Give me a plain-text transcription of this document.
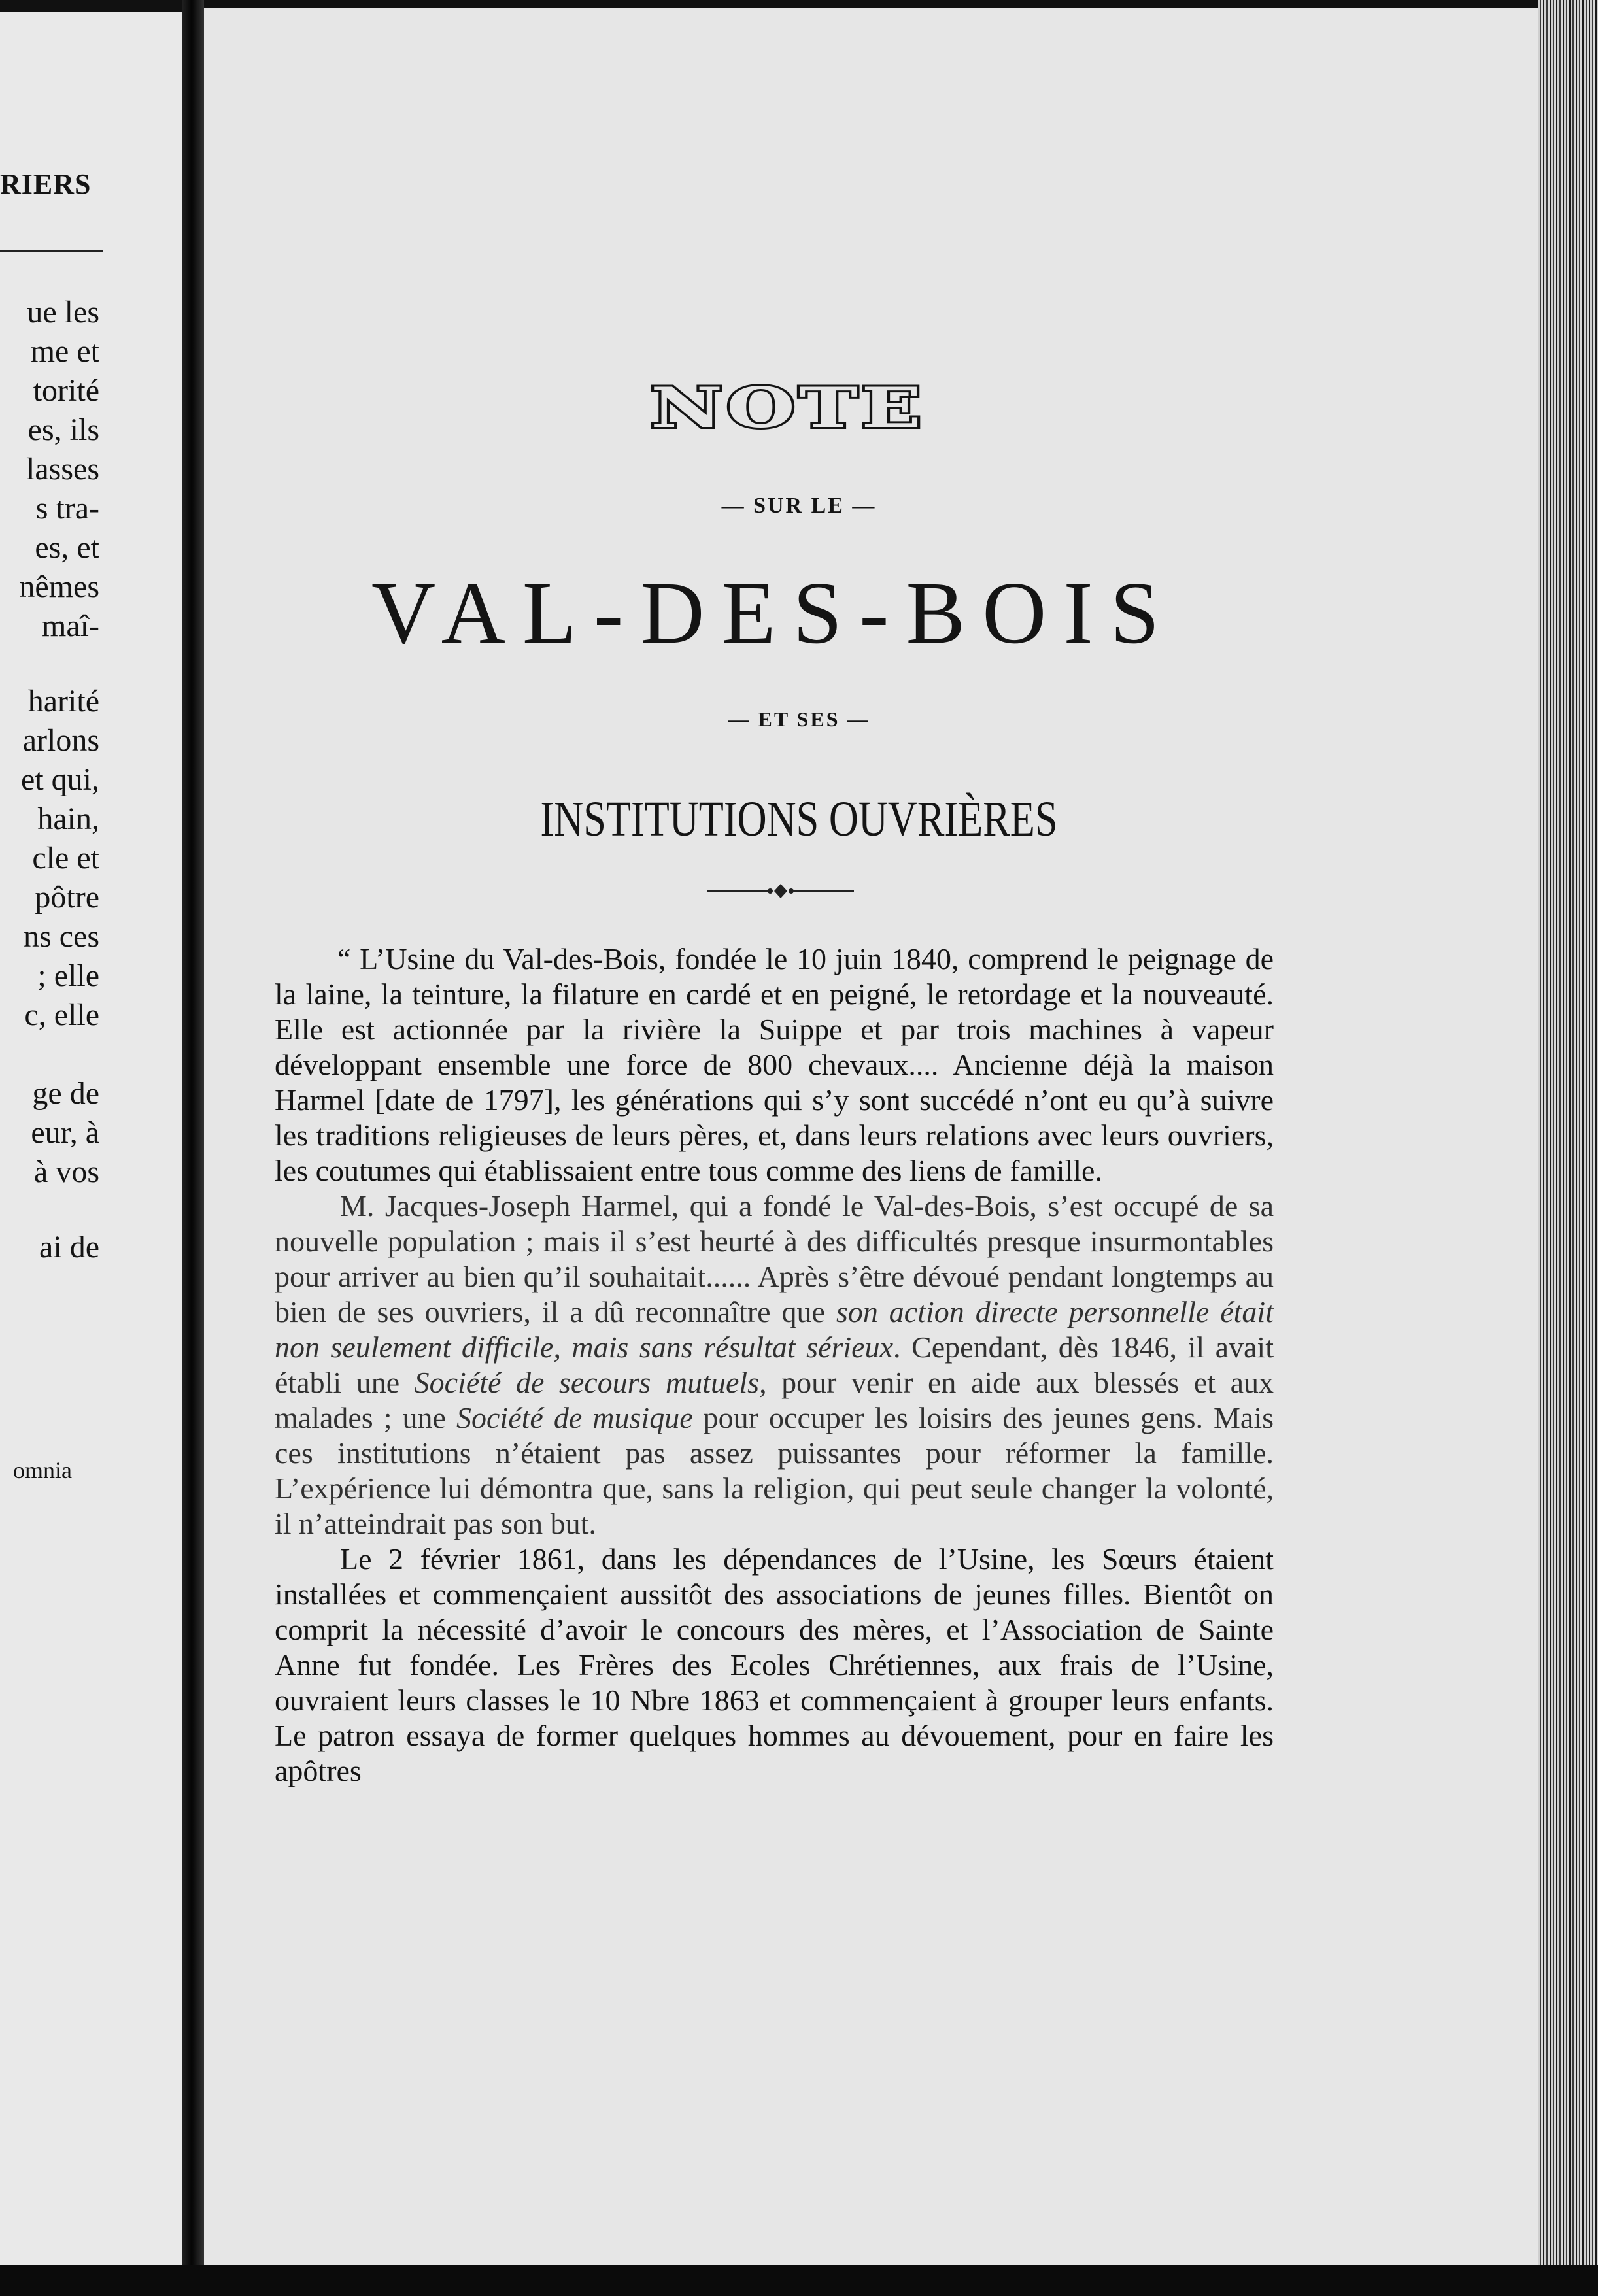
RIERS
ue les
me et
torité
es, ils
lasses
s tra-
es, et
nêmes
maî-
harité
arlons
et qui,
hain,
cle et
pôtre
ns ces
; elle
c, elle
ge de
eur, à
à vos
ai de
omnia
NOTE
— SUR LE —
VAL-DES-BOIS
— ET SES —
INSTITUTIONS OUVRIÈRES

“ L’Usine du Val-des-Bois, fondée le 10 juin 1840, comprend le peignage de la laine, la teinture, la filature en cardé et en peigné, le retordage et la nouveauté. Elle est actionnée par la rivière la Suippe et par trois machines à vapeur développant ensemble une force de 800 chevaux.... Ancienne déjà la maison Harmel [date de 1797], les générations qui s’y sont succédé n’ont eu qu’à suivre les traditions religieuses de leurs pères, et, dans leurs relations avec leurs ouvriers, les coutumes qui établissaient entre tous comme des liens de famille.

M. Jacques-Joseph Harmel, qui a fondé le Val-des-Bois, s’est occupé de sa nouvelle population ; mais il s’est heurté à des difficultés presque insurmontables pour arriver au bien qu’il souhaitait...... Après s’être dévoué pendant longtemps au bien de ses ouvriers, il a dû reconnaître que son action directe personnelle était non seulement difficile, mais sans résultat sérieux. Cependant, dès 1846, il avait établi une Société de secours mutuels, pour venir en aide aux blessés et aux malades ; une Société de musique pour occuper les loisirs des jeunes gens. Mais ces institutions n’étaient pas assez puissantes pour réformer la famille. L’expérience lui démontra que, sans la religion, qui peut seule changer la volonté, il n’atteindrait pas son but.

Le 2 février 1861, dans les dépendances de l’Usine, les Sœurs étaient installées et commençaient aussitôt des associations de jeunes filles. Bientôt on comprit la nécessité d’avoir le concours des mères, et l’Association de Sainte Anne fut fondée. Les Frères des Ecoles Chrétiennes, aux frais de l’Usine, ouvraient leurs classes le 10 Nbre 1863 et commençaient à grouper leurs enfants. Le patron essaya de former quelques hommes au dévouement, pour en faire les apôtres
